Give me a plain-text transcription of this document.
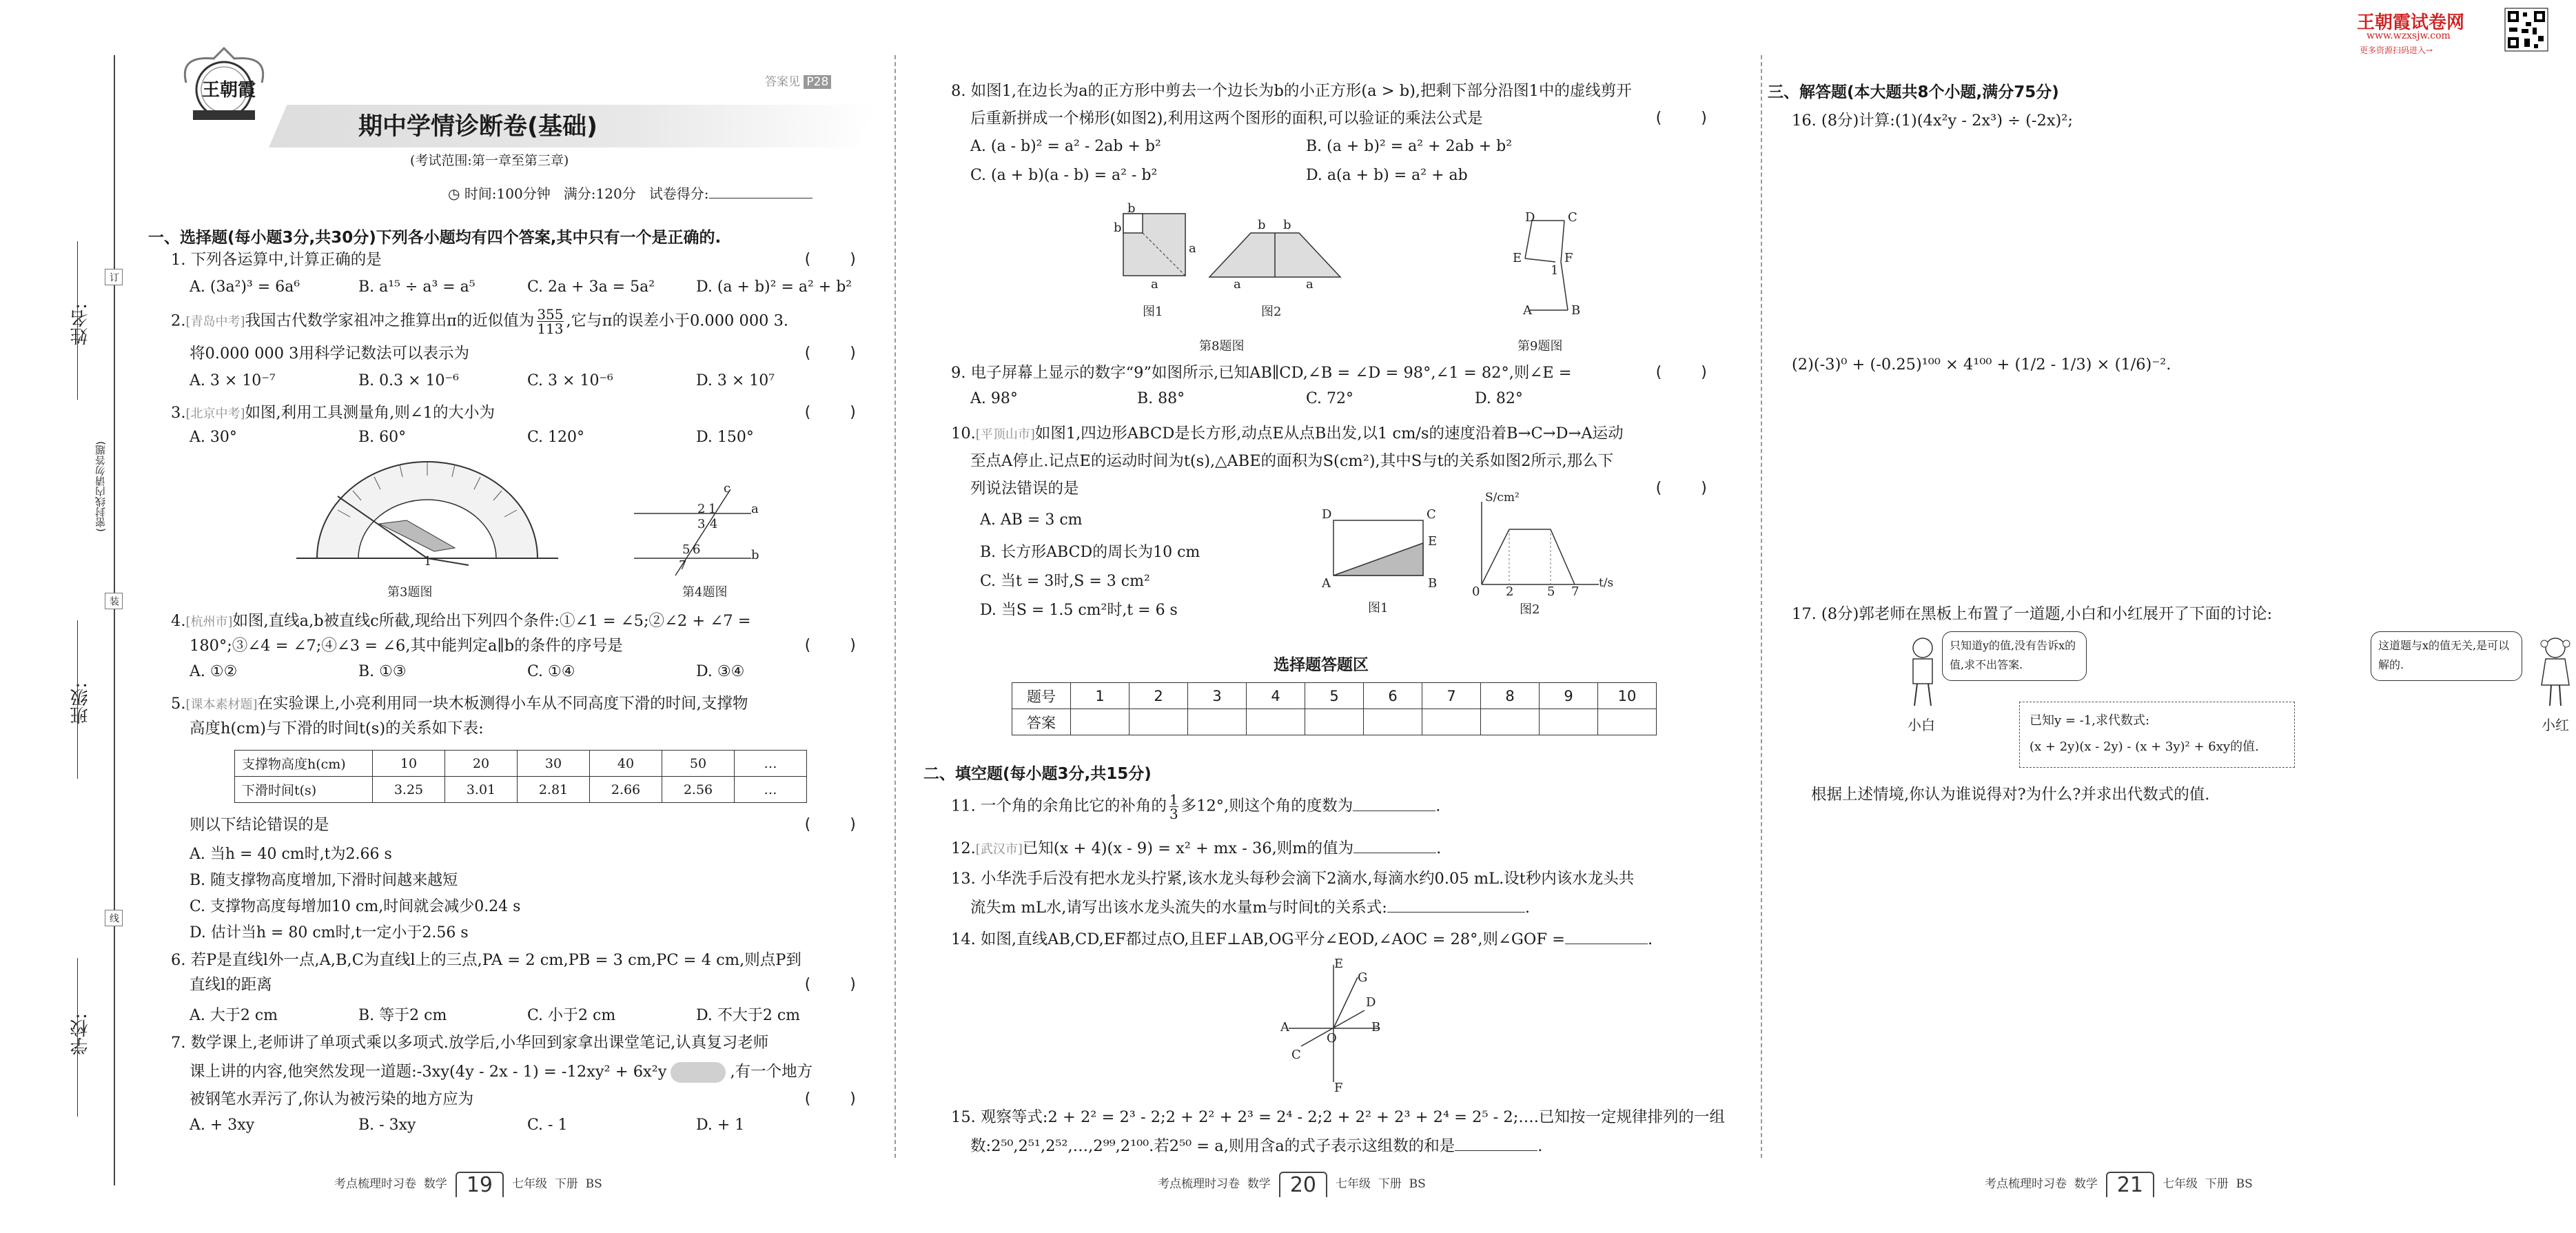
姓名:
班级:
学校:
(密封线内请勿答题)
订
装
线
王朝霞试卷网
www.wzxsjw.com
更多资源扫码进入→
王朝霞	答案见 P28
期中学情诊断卷(基础)
(考试范围:第一章至第三章)
◷ 时间:100分钟 满分:120分 试卷得分:
一、选择题(每小题3分,共30分)下列各小题均有四个答案,其中只有一个是正确的.
1. 下列各运算中,计算正确的是	(    )
A. (3a²)³ = 6a⁶	B. a¹⁵ ÷ a³ = a⁵	C. 2a + 3a = 5a²	D. (a + b)² = a² + b²
2.[青岛中考]我国古代数学家祖冲之推算出π的近似值为 $\frac{355}{113}$ ,它与π的误差小于0.000 000 3.
将0.000 000 3用科学记数法可以表示为	(    )
A. 3 × 10⁻⁷	B. 0.3 × 10⁻⁶	C. 3 × 10⁻⁶	D. 3 × 10⁷
3.[北京中考]如图,利用工具测量角,则∠1的大小为	(    )
A. 30°	B. 60°	C. 120°	D. 150°
1
第3题图
a
b
c
1
2
3 4
5 6
7
第4题图
4.[杭州市]如图,直线a,b被直线c所截,现给出下列四个条件:①∠1 = ∠5;②∠2 + ∠7 =
180°;③∠4 = ∠7;④∠3 = ∠6,其中能判定a∥b的条件的序号是	(    )
A. ①②	B. ①③	C. ①④	D. ③④
5.[课本素材题]在实验课上,小亮利用同一块木板测得小车从不同高度下滑的时间,支撑物
高度h(cm)与下滑的时间t(s)的关系如下表:
支撑物高度h(cm)	10	20	30	40	50	…
下滑时间t(s)	3.25	3.01	2.81	2.66	2.56	…
则以下结论错误的是	(    )
A. 当h = 40 cm时,t为2.66 s
B. 随支撑物高度增加,下滑时间越来越短
C. 支撑物高度每增加10 cm,时间就会减少0.24 s
D. 估计当h = 80 cm时,t一定小于2.56 s
6. 若P是直线l外一点,A,B,C为直线l上的三点,PA = 2 cm,PB = 3 cm,PC = 4 cm,则点P到
直线l的距离	(    )
A. 大于2 cm	B. 等于2 cm	C. 小于2 cm	D. 不大于2 cm
7. 数学课上,老师讲了单项式乘以多项式.放学后,小华回到家拿出课堂笔记,认真复习老师
课上讲的内容,他突然发现一道题:-3xy(4y - 2x - 1) = -12xy² + 6x²y	,有一个地方
被钢笔水弄污了,你认为被污染的地方应为	(    )
A. + 3xy	B. - 3xy	C. - 1	D. + 1
考点梳理时习卷 数学 19 七年级 下册 BS
8. 如图1,在边长为a的正方形中剪去一个边长为b的小正方形(a > b),把剩下部分沿图1中的虚线剪开
后重新拼成一个梯形(如图2),利用这两个图形的面积,可以验证的乘法公式是	(    )
A. (a - b)² = a² - 2ab + b²	B. (a + b)² = a² + 2ab + b²
C. (a + b)(a - b) = a² - b²	D. a(a + b) = a² + ab
b
b
a
a
b b
a	a
图1	图2
第8题图
D	C
E	F
1
A	B
第9题图
9. 电子屏幕上显示的数字“9”如图所示,已知AB∥CD,∠B = ∠D = 98°,∠1 = 82°,则∠E =	(    )
A. 98°	B. 88°	C. 72°	D. 82°
10.[平顶山市]如图1,四边形ABCD是长方形,动点E从点B出发,以1 cm/s的速度沿着B→C→D→A运动
至点A停止.记点E的运动时间为t(s),△ABE的面积为S(cm²),其中S与t的关系如图2所示,那么下
列说法错误的是	(    )
A. AB = 3 cm
B. 长方形ABCD的周长为10 cm
C. 当t = 3时,S = 3 cm²
D. 当S = 1.5 cm²时,t = 6 s
D	C
E
A	B
图1
S/cm²
t/s
0 2	5 7
图2
选择题答题区
题号	1	2	3	4	5	6	7	8	9	10
答案										
二、填空题(每小题3分,共15分)
11. 一个角的余角比它的补角的 $\frac{1}{3}$ 多12°,则这个角的度数为	.
12.[武汉市]已知(x + 4)(x - 9) = x² + mx - 36,则m的值为	.
13. 小华洗手后没有把水龙头拧紧,该水龙头每秒会滴下2滴水,每滴水约0.05 mL.设t秒内该水龙头共
流失m mL水,请写出该水龙头流失的水量m与时间t的关系式:	.
14. 如图,直线AB,CD,EF都过点O,且EF⊥AB,OG平分∠EOD,∠AOC = 28°,则∠GOF =	.
E
G
D
A	B
O
C
F
15. 观察等式:2 + 2² = 2³ - 2;2 + 2² + 2³ = 2⁴ - 2;2 + 2² + 2³ + 2⁴ = 2⁵ - 2;….已知按一定规律排列的一组
数:2⁵⁰,2⁵¹,2⁵²,…,2⁹⁹,2¹⁰⁰.若2⁵⁰ = a,则用含a的式子表示这组数的和是	.
考点梳理时习卷 数学 20 七年级 下册 BS
三、解答题(本大题共8个小题,满分75分)
16. (8分)计算:(1)(4x²y - 2x³) ÷ (-2x)²;
(2)(-3)⁰ + (-0.25)¹⁰⁰ × 4¹⁰⁰ + (1/2 - 1/3) × (1/6)⁻².
17. (8分)郭老师在黑板上布置了一道题,小白和小红展开了下面的讨论:
小白
只知道y的值,没有告诉x的值,求不出答案.
这道题与x的值无关,是可以解的.
小红
已知y = -1,求代数式:
(x + 2y)(x - 2y) - (x + 3y)² + 6xy的值.
根据上述情境,你认为谁说得对?为什么?并求出代数式的值.
考点梳理时习卷 数学 21 七年级 下册 BS
